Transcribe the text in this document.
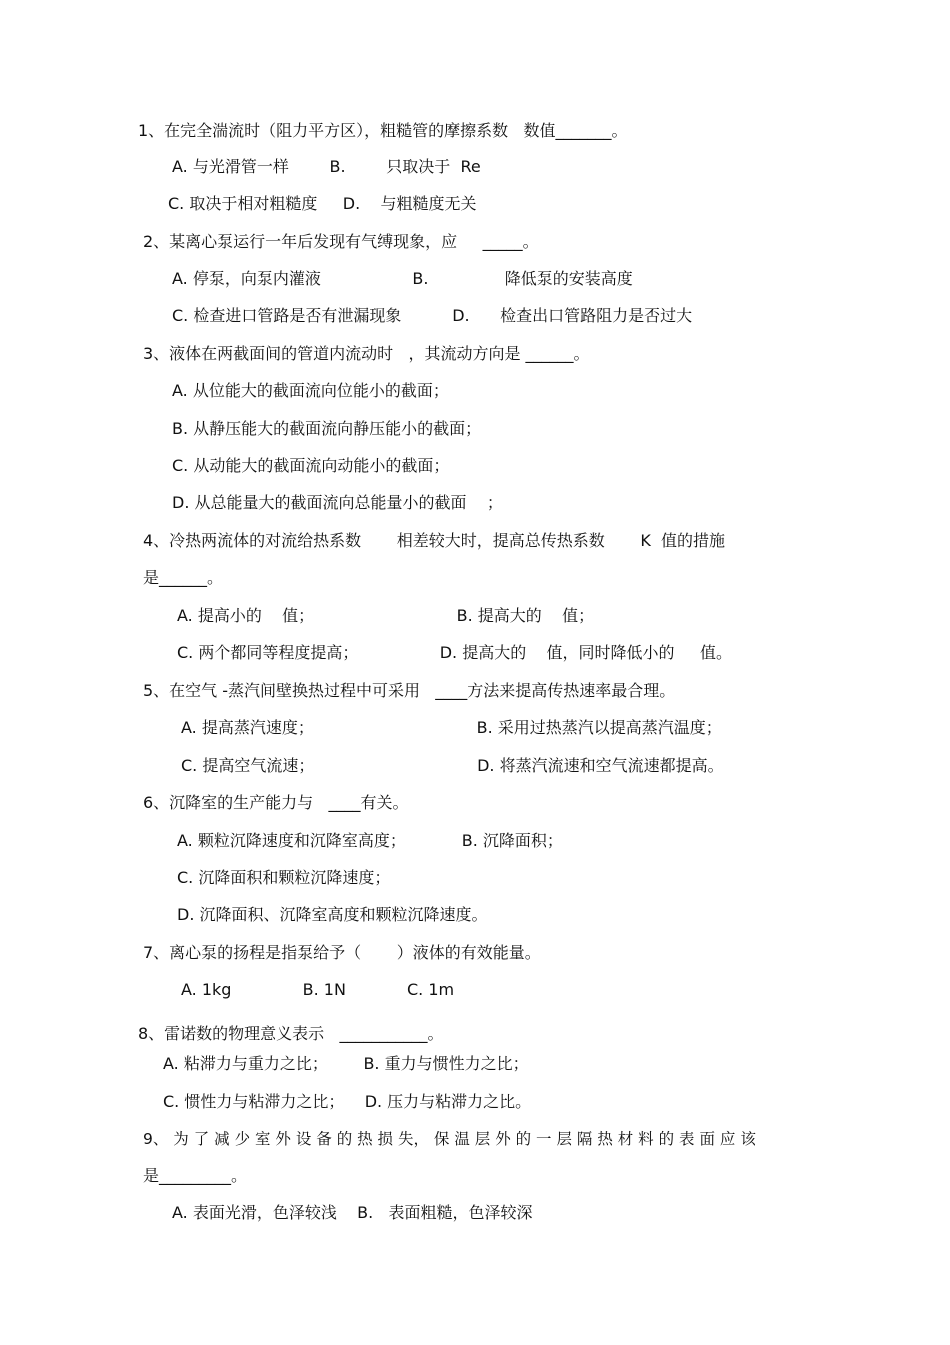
1、在完全湍流时（阻力平方区），粗糙管的摩擦系数   数值_______。
A. 与光滑管一样        B.        只取决于  Re
C. 取决于相对粗糙度     D.    与粗糙度无关
2、某离心泵运行一年后发现有气缚现象，应     _____。
A. 停泵，向泵内灌液                  B.               降低泵的安装高度
C. 检查进口管路是否有泄漏现象          D.      检查出口管路阻力是否过大
3、液体在两截面间的管道内流动时   ，其流动方向是 ______。
A. 从位能大的截面流向位能小的截面；
B. 从静压能大的截面流向静压能小的截面；
C. 从动能大的截面流向动能小的截面；
D. 从总能量大的截面流向总能量小的截面    ；
4、冷热两流体的对流给热系数       相差较大时，提高总传热系数       K  值的措施
是______。
A. 提高小的    值；                            B. 提高大的    值；
C. 两个都同等程度提高；                D. 提高大的    值，同时降低小的     值。
5、在空气 -蒸汽间壁换热过程中可采用   ____方法来提高传热速率最合理。
A. 提高蒸汽速度；                                B. 采用过热蒸汽以提高蒸汽温度；
C. 提高空气流速；                                D. 将蒸汽流速和空气流速都提高。
6、沉降室的生产能力与   ____有关。
A. 颗粒沉降速度和沉降室高度；           B. 沉降面积；
C. 沉降面积和颗粒沉降速度；
D. 沉降面积、沉降室高度和颗粒沉降速度。
7、离心泵的扬程是指泵给予（       ）液体的有效能量。
A. 1kg              B. 1N            C. 1m
8、雷诺数的物理意义表示   ___________。
A. 粘滞力与重力之比；       B. 重力与惯性力之比；
C. 惯性力与粘滞力之比；    D. 压力与粘滞力之比。
9、 为 了 减 少 室 外 设 备 的 热 损 失， 保 温 层 外 的 一 层 隔 热 材 料 的 表 面 应 该
是_________。
A. 表面光滑，色泽较浅    B.   表面粗糙，色泽较深
